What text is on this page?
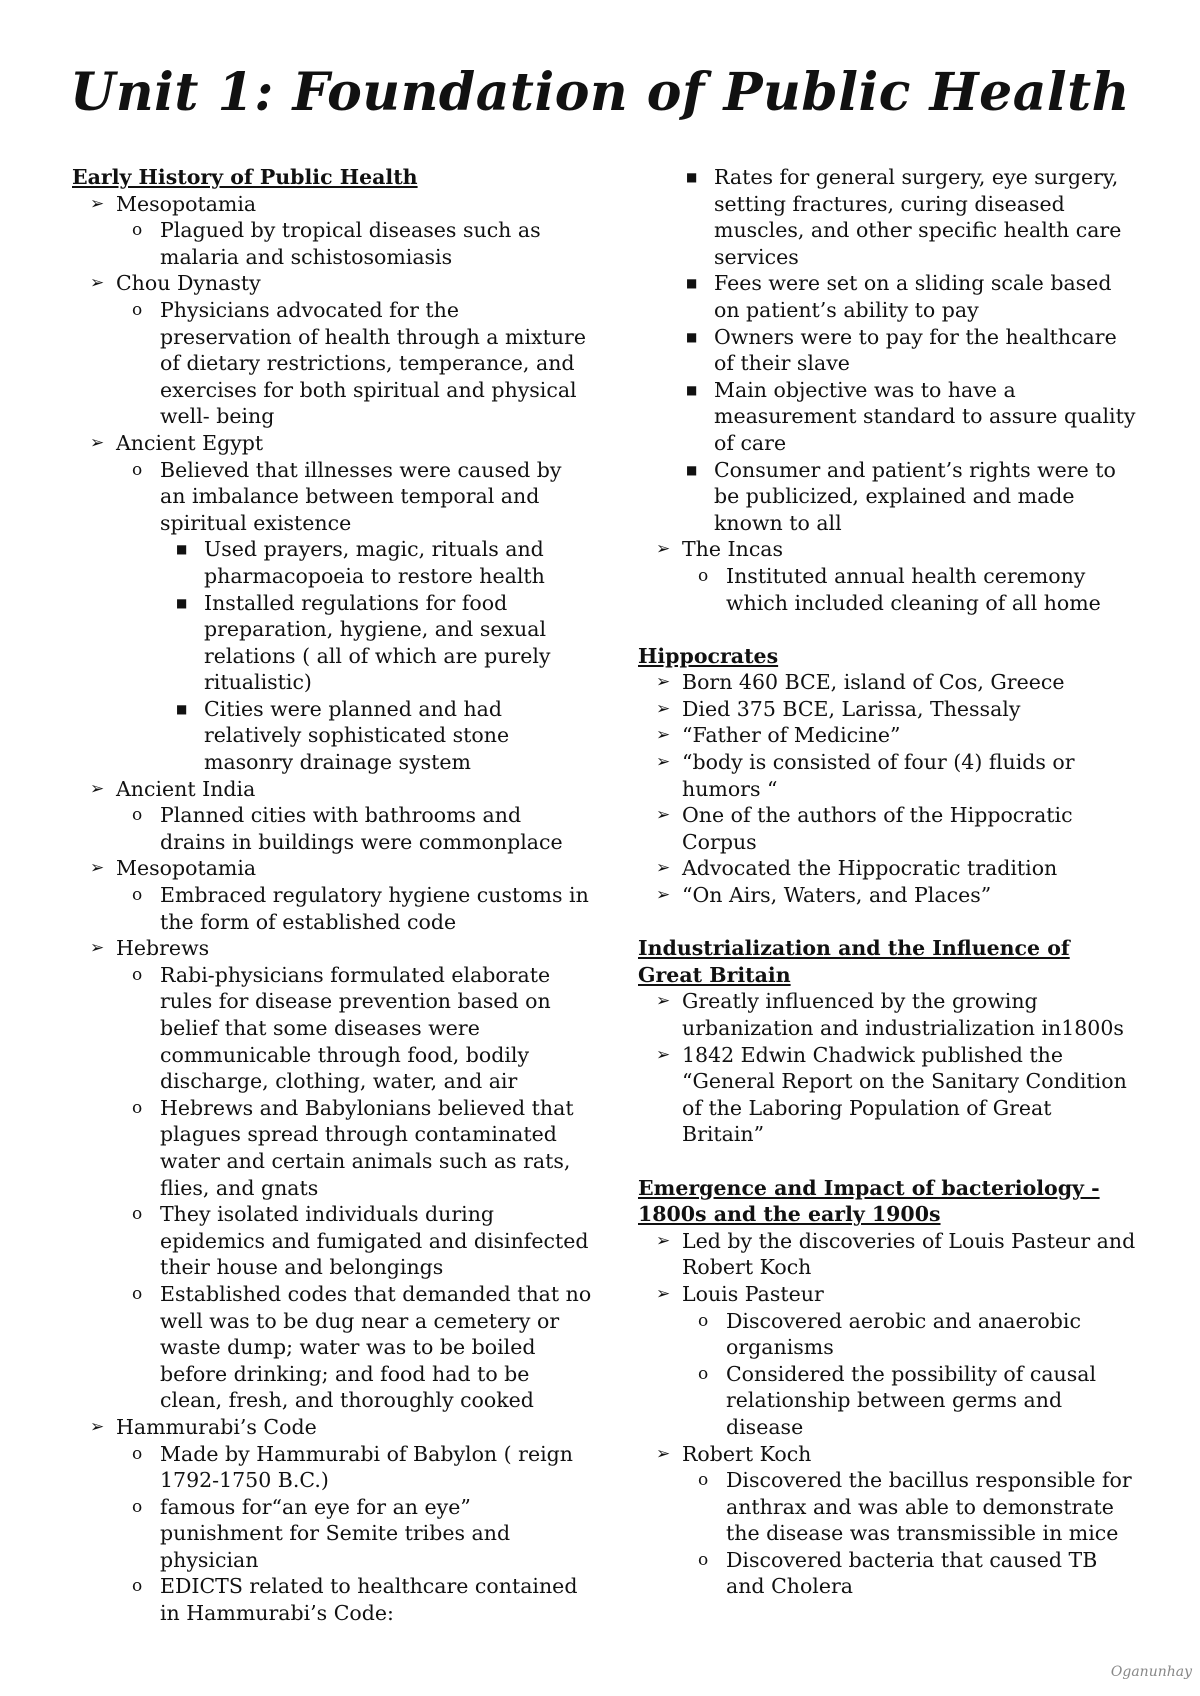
Unit 1: Foundation of Public Health
Early History of Public Health
➢ Mesopotamia
o Plagued by tropical diseases such as malaria and schistosomiasis
➢ Chou Dynasty
o Physicians advocated for the preservation of health through a mixture of dietary restrictions, temperance, and exercises for both spiritual and physical well- being
➢ Ancient Egypt
o Believed that illnesses were caused by an imbalance between temporal and spiritual existence
■ Used prayers, magic, rituals and pharmacopoeia to restore health
■ Installed regulations for food preparation, hygiene, and sexual relations ( all of which are purely ritualistic)
■ Cities were planned and had relatively sophisticated stone masonry drainage system
➢ Ancient India
o Planned cities with bathrooms and drains in buildings were commonplace
➢ Mesopotamia
o Embraced regulatory hygiene customs in the form of established code
➢ Hebrews
o Rabi-physicians formulated elaborate rules for disease prevention based on belief that some diseases were communicable through food, bodily discharge, clothing, water, and air
o Hebrews and Babylonians believed that plagues spread through contaminated water and certain animals such as rats, flies, and gnats
o They isolated individuals during epidemics and fumigated and disinfected their house and belongings
o Established codes that demanded that no well was to be dug near a cemetery or waste dump; water was to be boiled before drinking; and food had to be clean, fresh, and thoroughly cooked
➢ Hammurabi’s Code
o Made by Hammurabi of Babylon ( reign 1792-1750 B.C.)
o famous for“an eye for an eye” punishment for Semite tribes and physician
o EDICTS related to healthcare contained in Hammurabi’s Code:
■ Rates for general surgery, eye surgery, setting fractures, curing diseased muscles, and other specific health care services
■ Fees were set on a sliding scale based on patient’s ability to pay
■ Owners were to pay for the healthcare of their slave
■ Main objective was to have a measurement standard to assure quality of care
■ Consumer and patient’s rights were to be publicized, explained and made known to all
➢ The Incas
o Instituted annual health ceremony which included cleaning of all home
Hippocrates
➢ Born 460 BCE, island of Cos, Greece
➢ Died 375 BCE, Larissa, Thessaly
➢ “Father of Medicine”
➢ “body is consisted of four (4) fluids or humors “
➢ One of the authors of the Hippocratic Corpus
➢ Advocated the Hippocratic tradition
➢ “On Airs, Waters, and Places”
Industrialization and the Influence of Great Britain
➢ Greatly influenced by the growing urbanization and industrialization in1800s
➢ 1842 Edwin Chadwick published the “General Report on the Sanitary Condition of the Laboring Population of Great Britain”
Emergence and Impact of bacteriology - 1800s and the early 1900s
➢ Led by the discoveries of Louis Pasteur and Robert Koch
➢ Louis Pasteur
o Discovered aerobic and anaerobic organisms
o Considered the possibility of causal relationship between germs and disease
➢ Robert Koch
o Discovered the bacillus responsible for anthrax and was able to demonstrate the disease was transmissible in mice
o Discovered bacteria that caused TB and Cholera
Oganunhay
